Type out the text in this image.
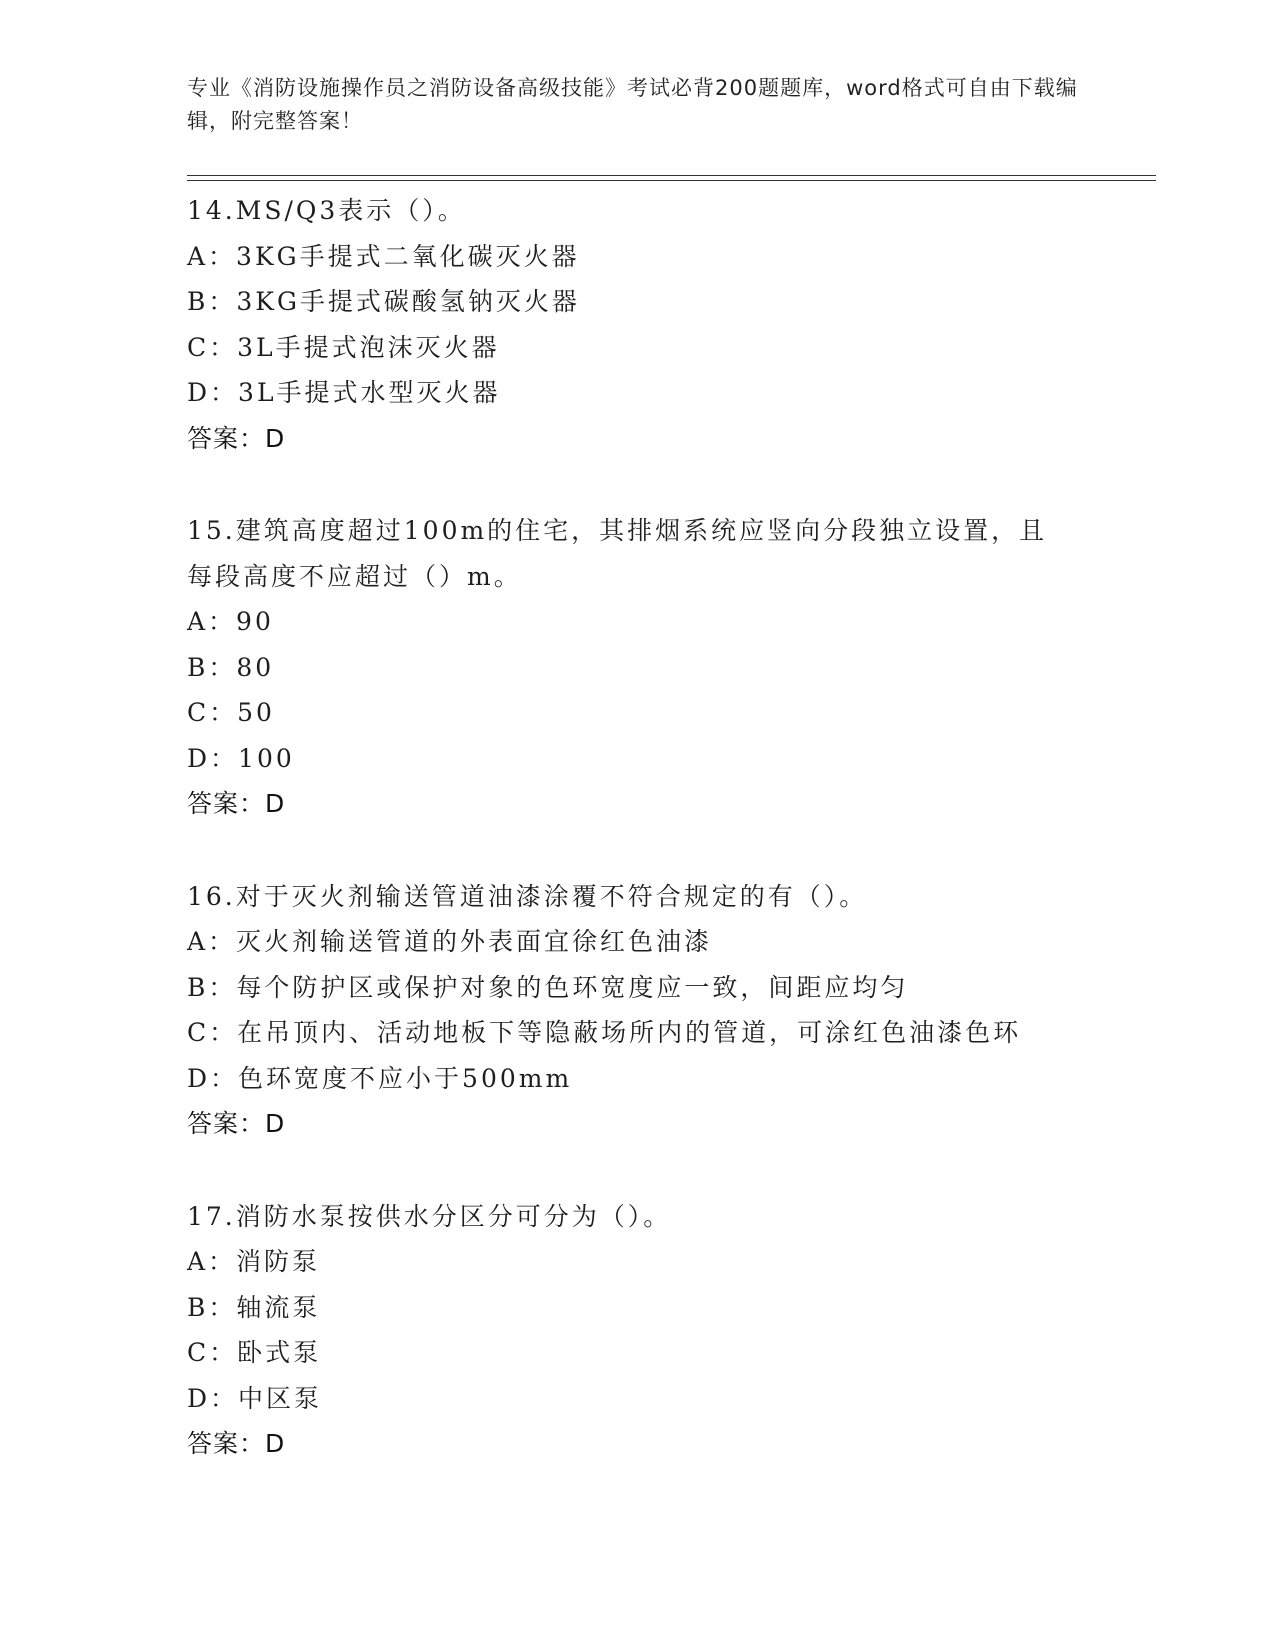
专业《消防设施操作员之消防设备高级技能》考试必背200题题库，word格式可自由下载编辑，附完整答案！
14.MS/Q3表示（）。
A：3KG手提式二氧化碳灭火器
B：3KG手提式碳酸氢钠灭火器
C：3L手提式泡沫灭火器
D：3L手提式水型灭火器
答案：D
15.建筑高度超过100m的住宅，其排烟系统应竖向分段独立设置，且每段高度不应超过（）m。
A：90
B：80
C：50
D：100
答案：D
16.对于灭火剂输送管道油漆涂覆不符合规定的有（）。
A：灭火剂输送管道的外表面宜徐红色油漆
B：每个防护区或保护对象的色环宽度应一致，间距应均匀
C：在吊顶内、活动地板下等隐蔽场所内的管道，可涂红色油漆色环
D：色环宽度不应小于500mm
答案：D
17.消防水泵按供水分区分可分为（）。
A：消防泵
B：轴流泵
C：卧式泵
D：中区泵
答案：D
